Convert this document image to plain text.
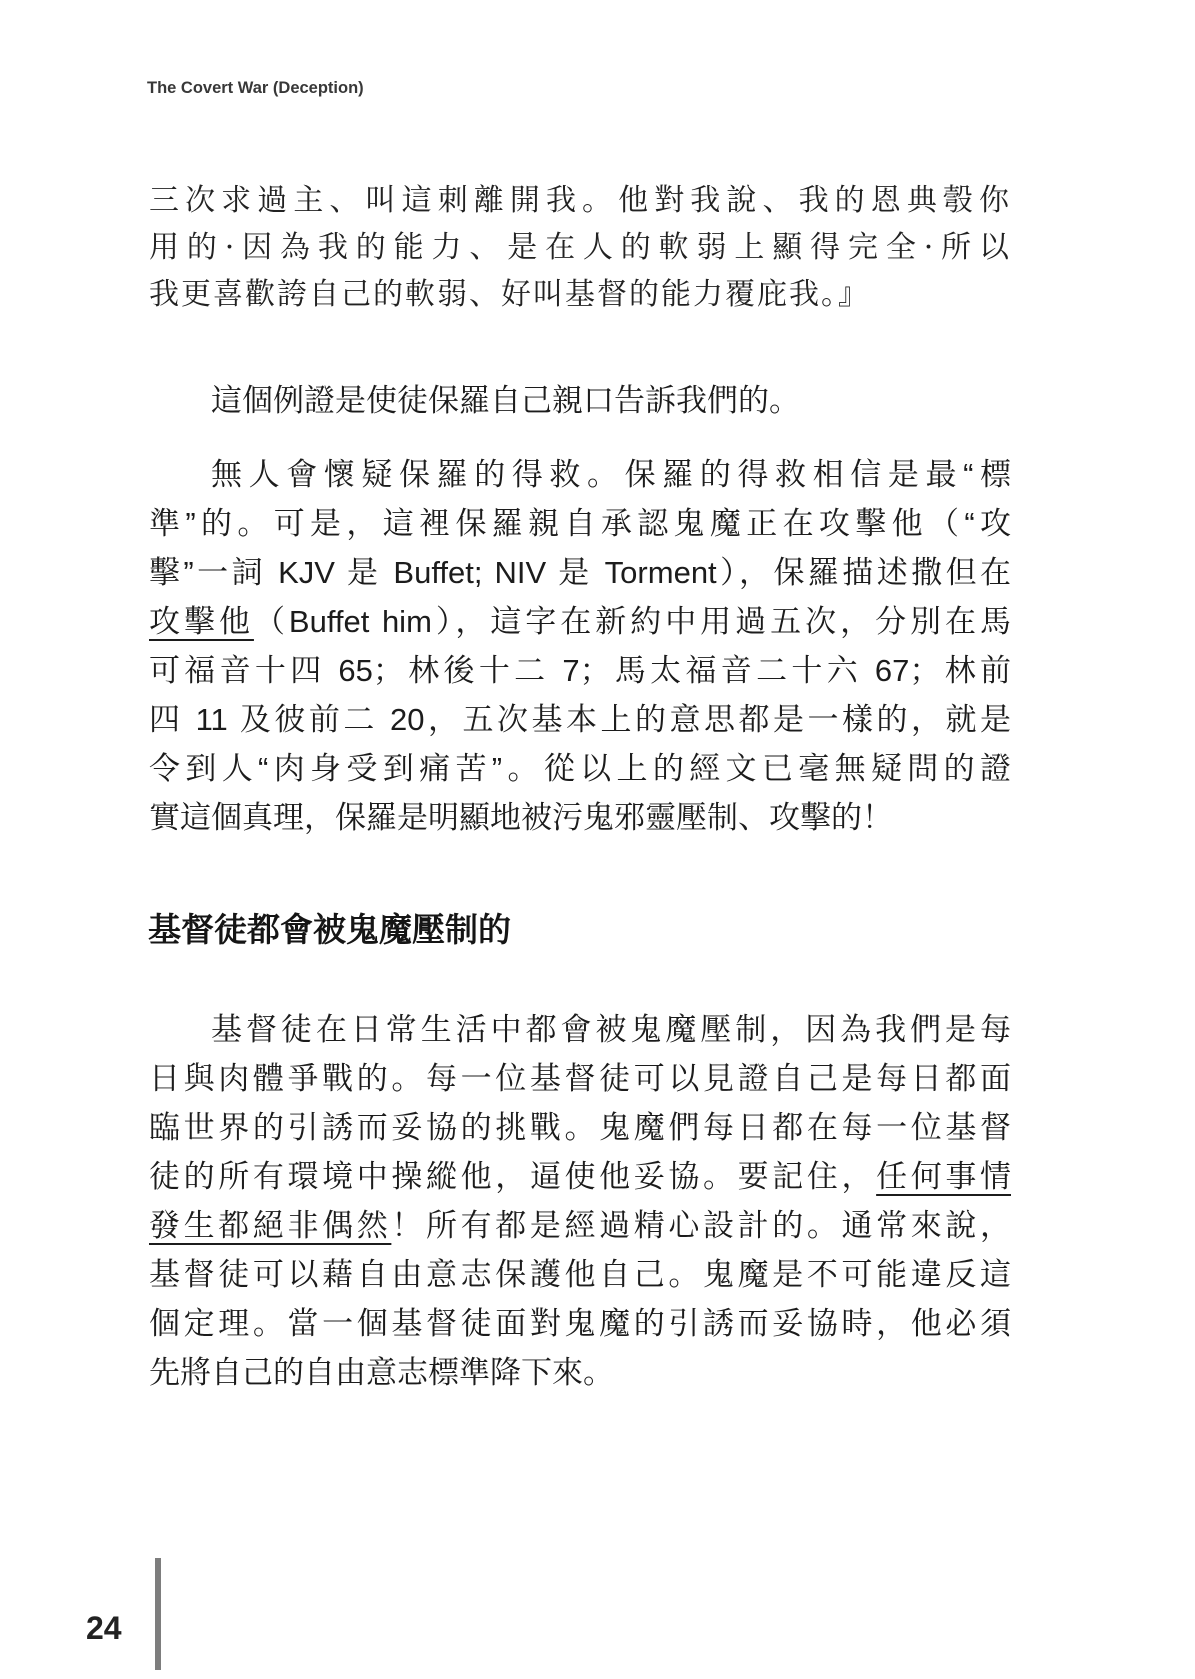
The Covert War (Deception)
三次求過主、叫這刺離開我。他對我說、我的恩典彀你
用的·因為我的能力、是在人的軟弱上顯得完全·所以
我更喜歡誇自己的軟弱、好叫基督的能力覆庇我。』
這個例證是使徒保羅自己親口告訴我們的。
無人會懷疑保羅的得救。保羅的得救相信是最“標
準”的。可是，這裡保羅親自承認鬼魔正在攻擊他（“攻
擊”一詞 KJV 是 Buffet; NIV 是 Torment），保羅描述撒但在
攻擊他（Buffet him），這字在新約中用過五次，分別在馬
可福音十四 65；林後十二 7；馬太福音二十六 67；林前
四 11 及彼前二 20，五次基本上的意思都是一樣的，就是
令到人“肉身受到痛苦”。從以上的經文已毫無疑問的證
實這個真理，保羅是明顯地被污鬼邪靈壓制、攻擊的！
基督徒都會被鬼魔壓制的
基督徒在日常生活中都會被鬼魔壓制，因為我們是每
日與肉體爭戰的。每一位基督徒可以見證自己是每日都面
臨世界的引誘而妥協的挑戰。鬼魔們每日都在每一位基督
徒的所有環境中操縱他，逼使他妥協。要記住，任何事情
發生都絕非偶然！所有都是經過精心設計的。通常來說，
基督徒可以藉自由意志保護他自己。鬼魔是不可能違反這
個定理。當一個基督徒面對鬼魔的引誘而妥協時，他必須
先將自己的自由意志標準降下來。
24
